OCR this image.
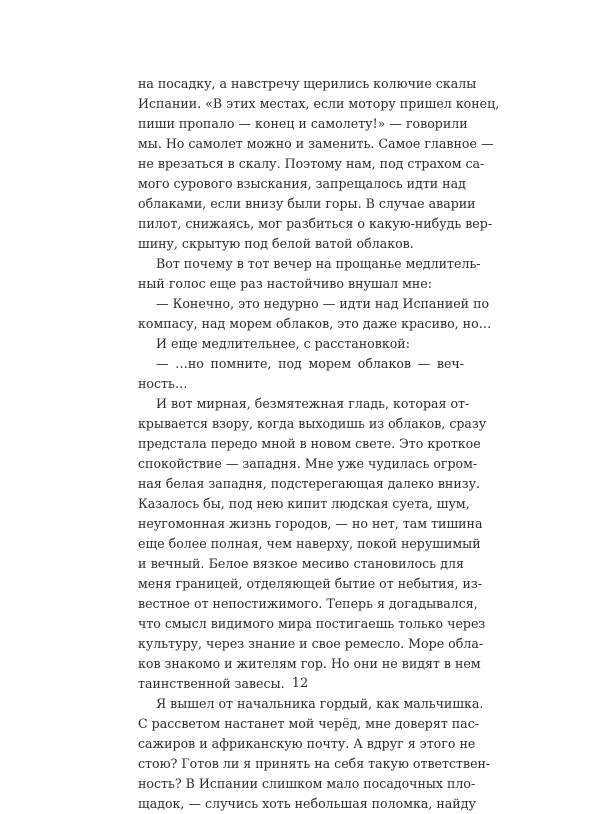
на посадку, а навстречу щерились колючие скалы
Испании. «В этих местах, если мотору пришел конец,
пиши пропало — конец и самолету!» — говорили
мы. Но самолет можно и заменить. Самое главное —
не врезаться в скалу. Поэтому нам, под страхом са-
мого сурового взыскания, запрещалось идти над
облаками, если внизу были горы. В случае аварии
пилот, снижаясь, мог разбиться о какую-нибудь вер-
шину, скрытую под белой ватой облаков.
Вот почему в тот вечер на прощанье медлитель-
ный голос еще раз настойчиво внушал мне:
— Конечно, это недурно — идти над Испанией по
компасу, над морем облаков, это даже красиво, но…
И еще медлительнее, с расстановкой:
— …но помните, под морем облаков — веч-
ность…
И вот мирная, безмятежная гладь, которая от-
крывается взору, когда выходишь из облаков, сразу
предстала передо мной в новом свете. Это кроткое
спокойствие — западня. Мне уже чудилась огром-
ная белая западня, подстерегающая далеко внизу.
Казалось бы, под нею кипит людская суета, шум,
неугомонная жизнь городов, — но нет, там тишина
еще более полная, чем наверху, покой нерушимый
и вечный. Белое вязкое месиво становилось для
меня границей, отделяющей бытие от небытия, из-
вестное от непостижимого. Теперь я догадывался,
что смысл видимого мира постигаешь только через
культуру, через знание и свое ремесло. Море обла-
ков знакомо и жителям гор. Но они не видят в нем
таинственной завесы.
Я вышел от начальника гордый, как мальчишка.
С рассветом настанет мой черёд, мне доверят пас-
сажиров и африканскую почту. А вдруг я этого не
стою? Готов ли я принять на себя такую ответствен-
ность? В Испании слишком мало посадочных пло-
щадок, — случись хоть небольшая поломка, найду
12
